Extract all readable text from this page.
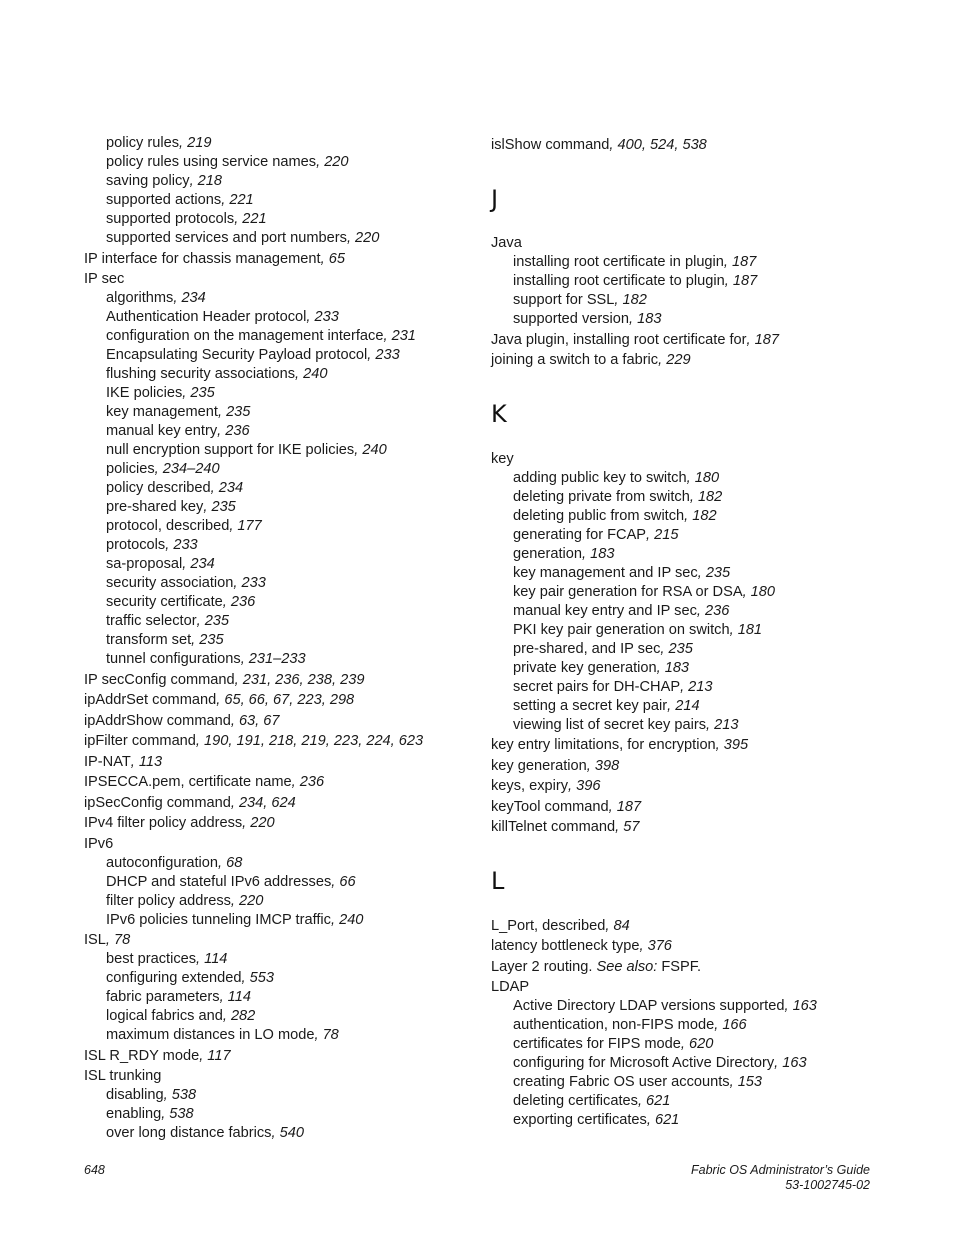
policy rules, 219
policy rules using service names, 220
saving policy, 218
supported actions, 221
supported protocols, 221
supported services and port numbers, 220
IP interface for chassis management, 65
IP sec
algorithms, 234
Authentication Header protocol, 233
configuration on the management interface, 231
Encapsulating Security Payload protocol, 233
flushing security associations, 240
IKE policies, 235
key management, 235
manual key entry, 236
null encryption support for IKE policies, 240
policies, 234–240
policy described, 234
pre-shared key, 235
protocol, described, 177
protocols, 233
sa-proposal, 234
security association, 233
security certificate, 236
traffic selector, 235
transform set, 235
tunnel configurations, 231–233
IP secConfig command, 231, 236, 238, 239
ipAddrSet command, 65, 66, 67, 223, 298
ipAddrShow command, 63, 67
ipFilter command, 190, 191, 218, 219, 223, 224, 623
IP-NAT, 113
IPSECCA.pem, certificate name, 236
ipSecConfig command, 234, 624
IPv4 filter policy address, 220
IPv6
autoconfiguration, 68
DHCP and stateful IPv6 addresses, 66
filter policy address, 220
IPv6 policies tunneling IMCP traffic, 240
ISL, 78
best practices, 114
configuring extended, 553
fabric parameters, 114
logical fabrics and, 282
maximum distances in LO mode, 78
ISL R_RDY mode, 117
ISL trunking
disabling, 538
enabling, 538
over long distance fabrics, 540
islShow command, 400, 524, 538
J
Java
installing root certificate in plugin, 187
installing root certificate to plugin, 187
support for SSL, 182
supported version, 183
Java plugin, installing root certificate for, 187
joining a switch to a fabric, 229
K
key
adding public key to switch, 180
deleting private from switch, 182
deleting public from switch, 182
generating for FCAP, 215
generation, 183
key management and IP sec, 235
key pair generation for RSA or DSA, 180
manual key entry and IP sec, 236
PKI key pair generation on switch, 181
pre-shared, and IP sec, 235
private key generation, 183
secret pairs for DH-CHAP, 213
setting a secret key pair, 214
viewing list of secret key pairs, 213
key entry limitations, for encryption, 395
key generation, 398
keys, expiry, 396
keyTool command, 187
killTelnet command, 57
L
L_Port, described, 84
latency bottleneck type, 376
Layer 2 routing. See also: FSPF.
LDAP
Active Directory LDAP versions supported, 163
authentication, non-FIPS mode, 166
certificates for FIPS mode, 620
configuring for Microsoft Active Directory, 163
creating Fabric OS user accounts, 153
deleting certificates, 621
exporting certificates, 621
648	Fabric OS Administrator’s Guide
53-1002745-02
